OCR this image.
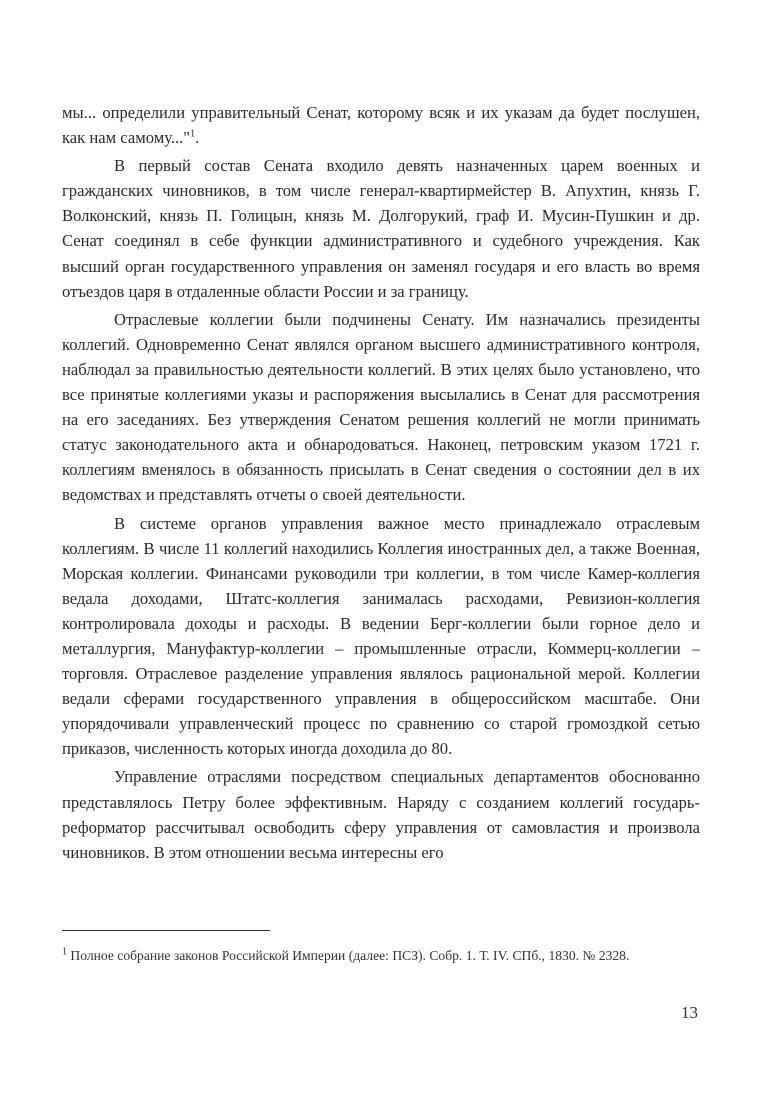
мы... определили управительный Сенат, которому всяк и их указам да будет послушен, как нам самому..."$^1$.

В первый состав Сената входило девять назначенных царем военных и гражданских чиновников, в том числе генерал-квартирмейстер В. Апухтин, князь Г. Волконский, князь П. Голицын, князь М. Долгорукий, граф И. Мусин-Пушкин и др. Сенат соединял в себе функции административного и судебного учреждения. Как высший орган государственного управления он заменял государя и его власть во время отъездов царя в отдаленные области России и за границу.

Отраслевые коллегии были подчинены Сенату. Им назначались президенты коллегий. Одновременно Сенат являлся органом высшего административного контроля, наблюдал за правильностью деятельности коллегий. В этих целях было установлено, что все принятые коллегиями указы и распоряжения высылались в Сенат для рассмотрения на его заседаниях. Без утверждения Сенатом решения коллегий не могли принимать статус законодательного акта и обнародоваться. Наконец, петровским указом 1721 г. коллегиям вменялось в обязанность присылать в Сенат сведения о состоянии дел в их ведомствах и представлять отчеты о своей деятельности.

В системе органов управления важное место принадлежало отраслевым коллегиям. В числе 11 коллегий находились Коллегия иностранных дел, а также Военная, Морская коллегии. Финансами руководили три коллегии, в том числе Камер-коллегия ведала доходами, Штатс-коллегия занималась расходами, Ревизион-коллегия контролировала доходы и расходы. В ведении Берг-коллегии были горное дело и металлургия, Мануфактур-коллегии – промышленные отрасли, Коммерц-коллегии – торговля. Отраслевое разделение управления являлось рациональной мерой. Коллегии ведали сферами государственного управления в общероссийском масштабе. Они упорядочивали управленческий процесс по сравнению со старой громоздкой сетью приказов, численность которых иногда доходила до 80.

Управление отраслями посредством специальных департаментов обоснованно представлялось Петру более эффективным. Наряду с созданием коллегий государь-реформатор рассчитывал освободить сферу управления от самовластия и произвола чиновников. В этом отношении весьма интересны его

$^1$ Полное собрание законов Российской Империи (далее: ПСЗ). Собр. 1. Т. IV. СПб., 1830. № 2328.
13
